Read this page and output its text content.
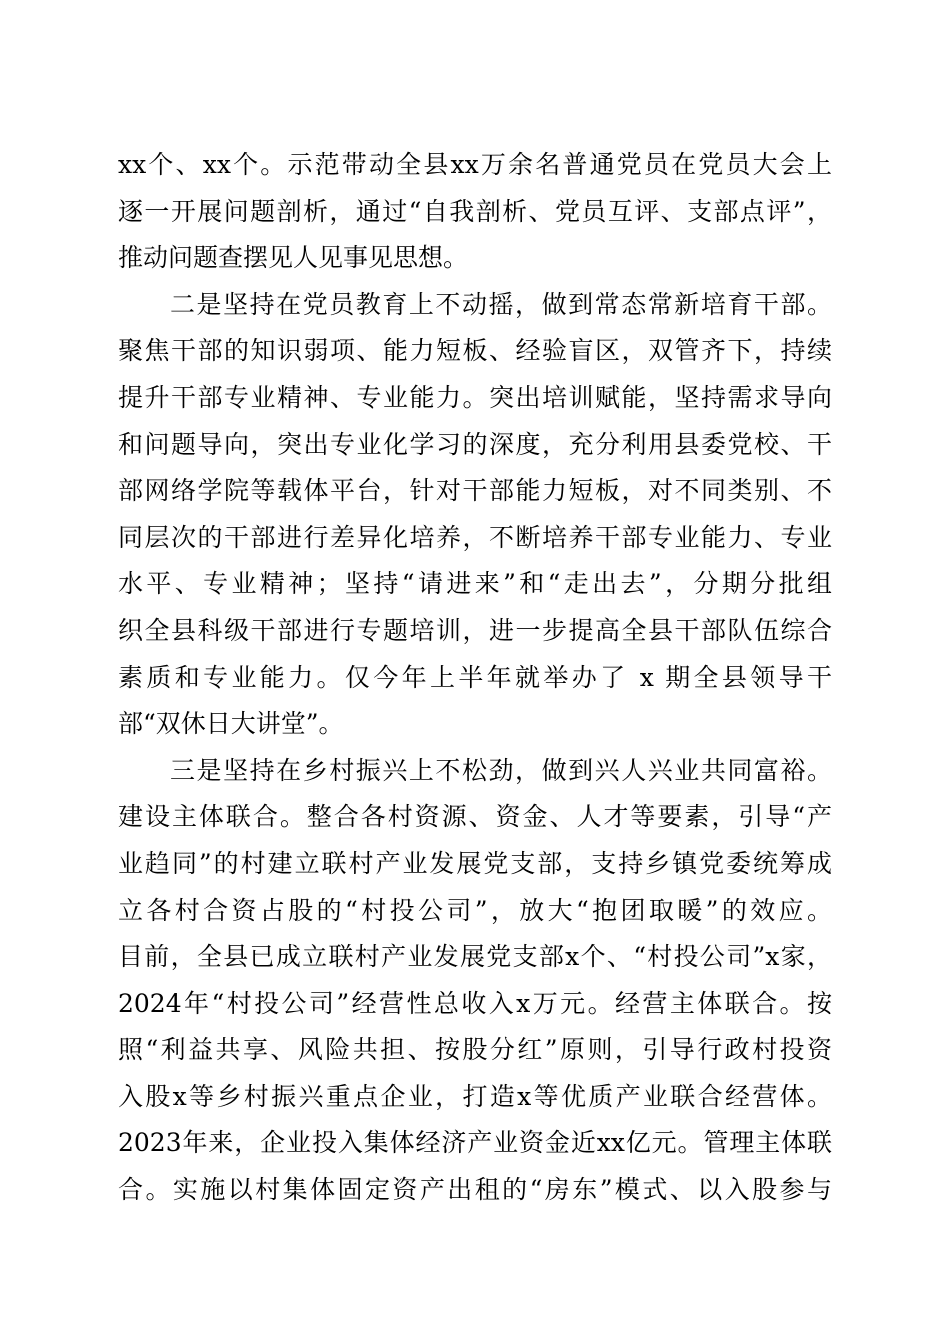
xx个、xx个。示范带动全县xx万余名普通党员在党员大会上
逐一开展问题剖析，通过“自我剖析、党员互评、支部点评”，
推动问题查摆见人见事见思想。
二是坚持在党员教育上不动摇，做到常态常新培育干部。
聚焦干部的知识弱项、能力短板、经验盲区，双管齐下，持续
提升干部专业精神、专业能力。突出培训赋能，坚持需求导向
和问题导向，突出专业化学习的深度，充分利用县委党校、干
部网络学院等载体平台，针对干部能力短板，对不同类别、不
同层次的干部进行差异化培养，不断培养干部专业能力、专业
水平、专业精神；坚持“请进来”和“走出去”，分期分批组
织全县科级干部进行专题培训，进一步提高全县干部队伍综合
素质和专业能力。仅今年上半年就举办了 x 期全县领导干
部“双休日大讲堂”。
三是坚持在乡村振兴上不松劲，做到兴人兴业共同富裕。
建设主体联合。整合各村资源、资金、人才等要素，引导“产
业趋同”的村建立联村产业发展党支部，支持乡镇党委统筹成
立各村合资占股的“村投公司”，放大“抱团取暖”的效应。
目前，全县已成立联村产业发展党支部x个、“村投公司”x家，
2024年“村投公司”经营性总收入x万元。经营主体联合。按
照“利益共享、风险共担、按股分红”原则，引导行政村投资
入股x等乡村振兴重点企业，打造x等优质产业联合经营体。
2023年来，企业投入集体经济产业资金近xx亿元。管理主体联
合。实施以村集体固定资产出租的“房东”模式、以入股参与
